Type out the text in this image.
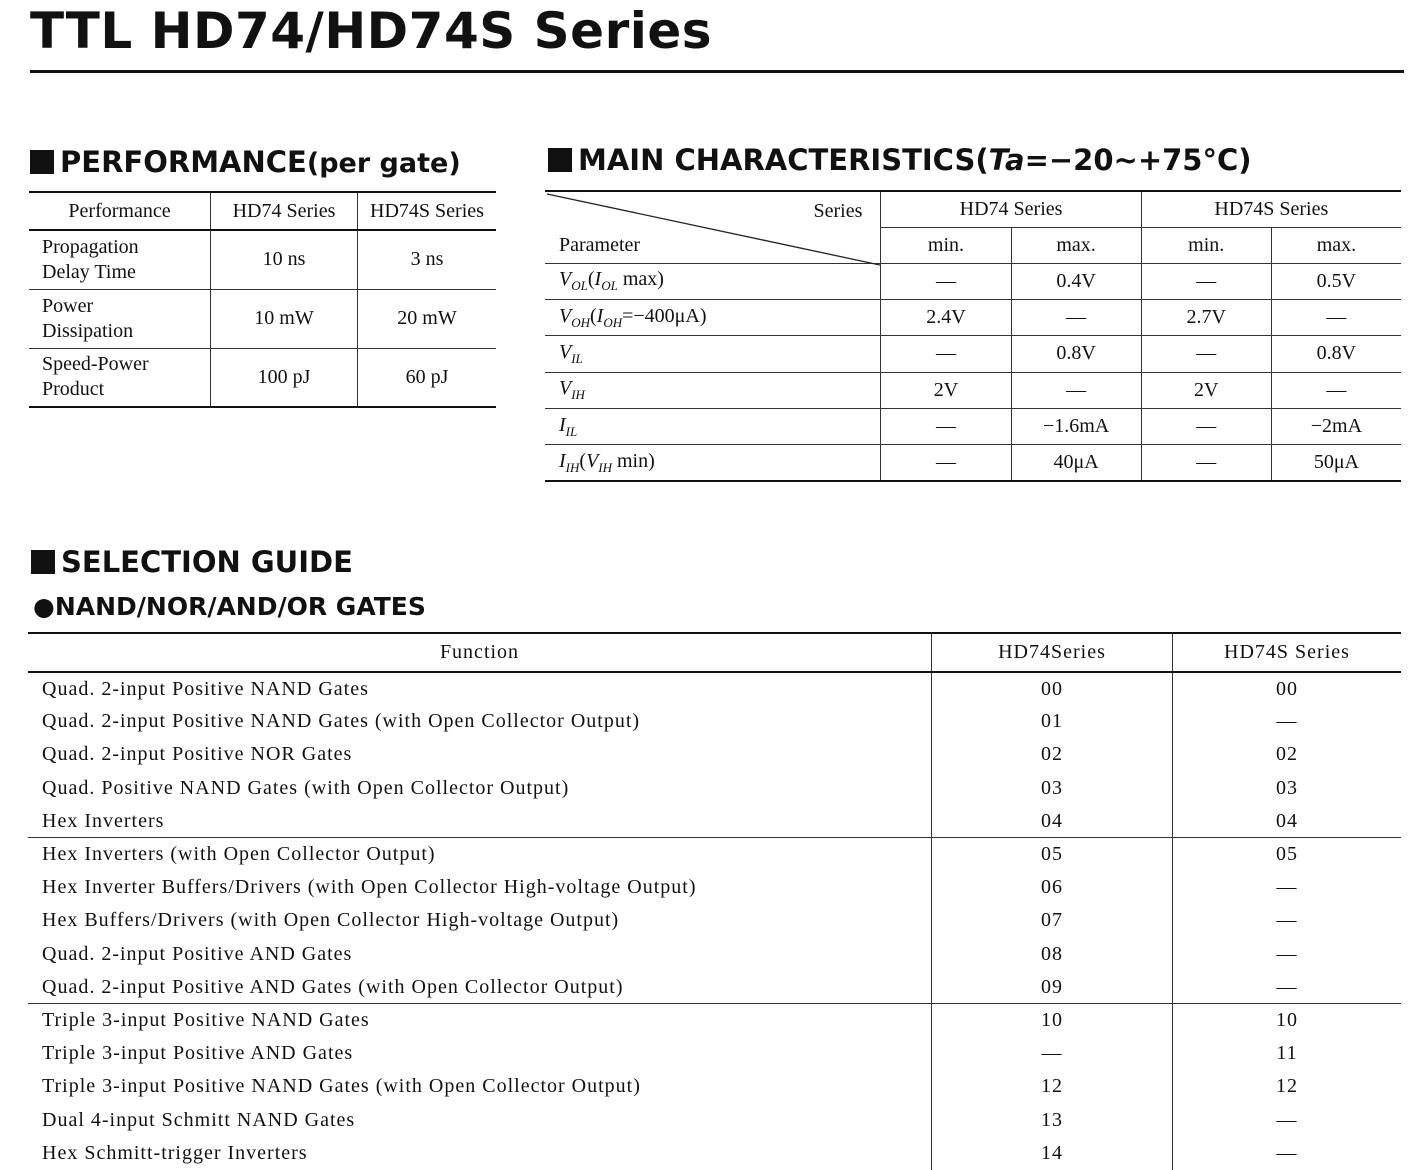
TTL HD74/HD74S Series
PERFORMANCE(per gate)
Performance	HD74 Series	HD74S Series
Propagation
Delay Time	10 ns	3 ns
Power
Dissipation	10 mW	20 mW
Speed-Power
Product	100 pJ	60 pJ
MAIN CHARACTERISTICS(Ta=−20~+75°C)
Series
Parameter	HD74 Series		HD74S Series	
	min.	max.	min.	max.
$V_{OL}(I_{OL}$ max)	—	0.4V	—	0.5V
$V_{OH}(I_{OH}=-400\mu A)$	2.4V	—	2.7V	—
$V_{IL}$	—	0.8V	—	0.8V
$V_{IH}$	2V	—	2V	—
$I_{IL}$	—	−1.6mA	—	−2mA
$I_{IH}(V_{IH}$ min)	—	40μA	—	50μA
SELECTION GUIDE
●NAND/NOR/AND/OR GATES
Function	HD74Series	HD74S Series
Quad. 2-input Positive NAND Gates	00	00
Quad. 2-input Positive NAND Gates (with Open Collector Output)	01	—
Quad. 2-input Positive NOR Gates	02	02
Quad. Positive NAND Gates (with Open Collector Output)	03	03
Hex Inverters	04	04
Hex Inverters (with Open Collector Output)	05	05
Hex Inverter Buffers/Drivers (with Open Collector High-voltage Output)	06	—
Hex Buffers/Drivers (with Open Collector High-voltage Output)	07	—
Quad. 2-input Positive AND Gates	08	—
Quad. 2-input Positive AND Gates (with Open Collector Output)	09	—
Triple 3-input Positive NAND Gates	10	10
Triple 3-input Positive AND Gates	—	11
Triple 3-input Positive NAND Gates (with Open Collector Output)	12	12
Dual 4-input Schmitt NAND Gates	13	—
Hex Schmitt-trigger Inverters	14	—
